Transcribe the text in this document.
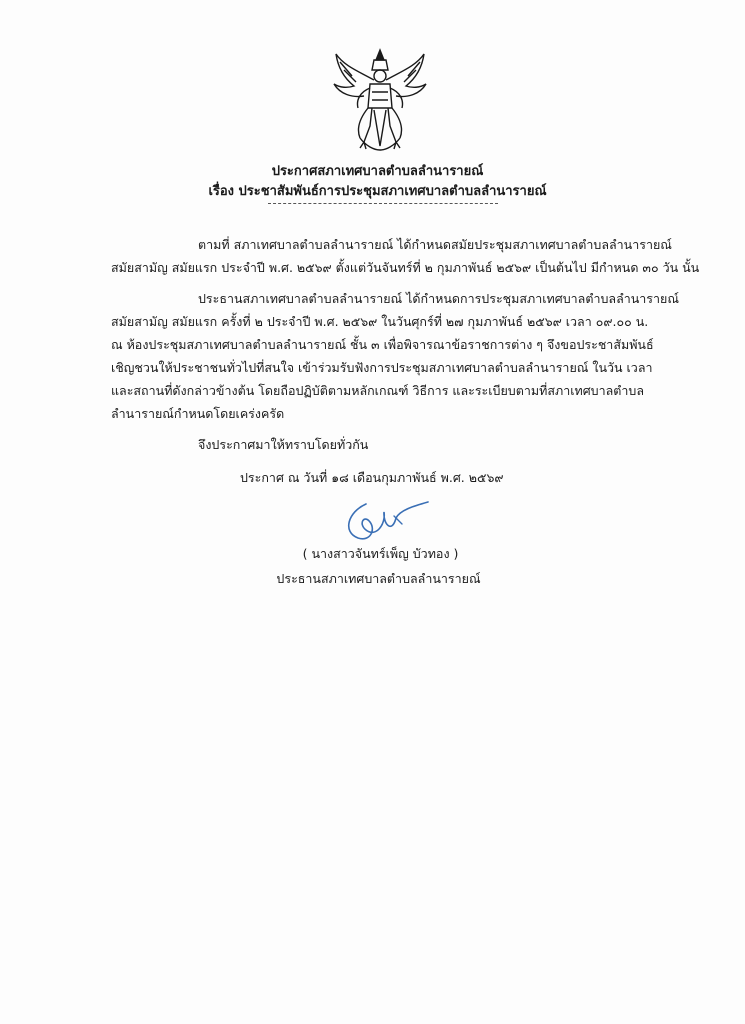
ประกาศสภาเทศบาลตำบลลำนารายณ์
เรื่อง ประชาสัมพันธ์การประชุมสภาเทศบาลตำบลลำนารายณ์
ตามที่ สภาเทศบาลตำบลลำนารายณ์ ได้กำหนดสมัยประชุมสภาเทศบาลตำบลลำนารายณ์
สมัยสามัญ สมัยแรก ประจำปี พ.ศ. ๒๕๖๙ ตั้งแต่วันจันทร์ที่ ๒ กุมภาพันธ์ ๒๕๖๙ เป็นต้นไป มีกำหนด ๓๐ วัน นั้น
ประธานสภาเทศบาลตำบลลำนารายณ์ ได้กำหนดการประชุมสภาเทศบาลตำบลลำนารายณ์
สมัยสามัญ สมัยแรก ครั้งที่ ๒ ประจำปี พ.ศ. ๒๕๖๙ ในวันศุกร์ที่ ๒๗ กุมภาพันธ์ ๒๕๖๙ เวลา ๐๙.๐๐ น.
ณ ห้องประชุมสภาเทศบาลตำบลลำนารายณ์ ชั้น ๓ เพื่อพิจารณาข้อราชการต่าง ๆ จึงขอประชาสัมพันธ์
เชิญชวนให้ประชาชนทั่วไปที่สนใจ เข้าร่วมรับฟังการประชุมสภาเทศบาลตำบลลำนารายณ์ ในวัน เวลา
และสถานที่ดังกล่าวข้างต้น โดยถือปฏิบัติตามหลักเกณฑ์ วิธีการ และระเบียบตามที่สภาเทศบาลตำบล
ลำนารายณ์กำหนดโดยเคร่งครัด
จึงประกาศมาให้ทราบโดยทั่วกัน
ประกาศ ณ วันที่ ๑๘ เดือนกุมภาพันธ์ พ.ศ. ๒๕๖๙
( นางสาวจันทร์เพ็ญ บัวทอง )
ประธานสภาเทศบาลตำบลลำนารายณ์
